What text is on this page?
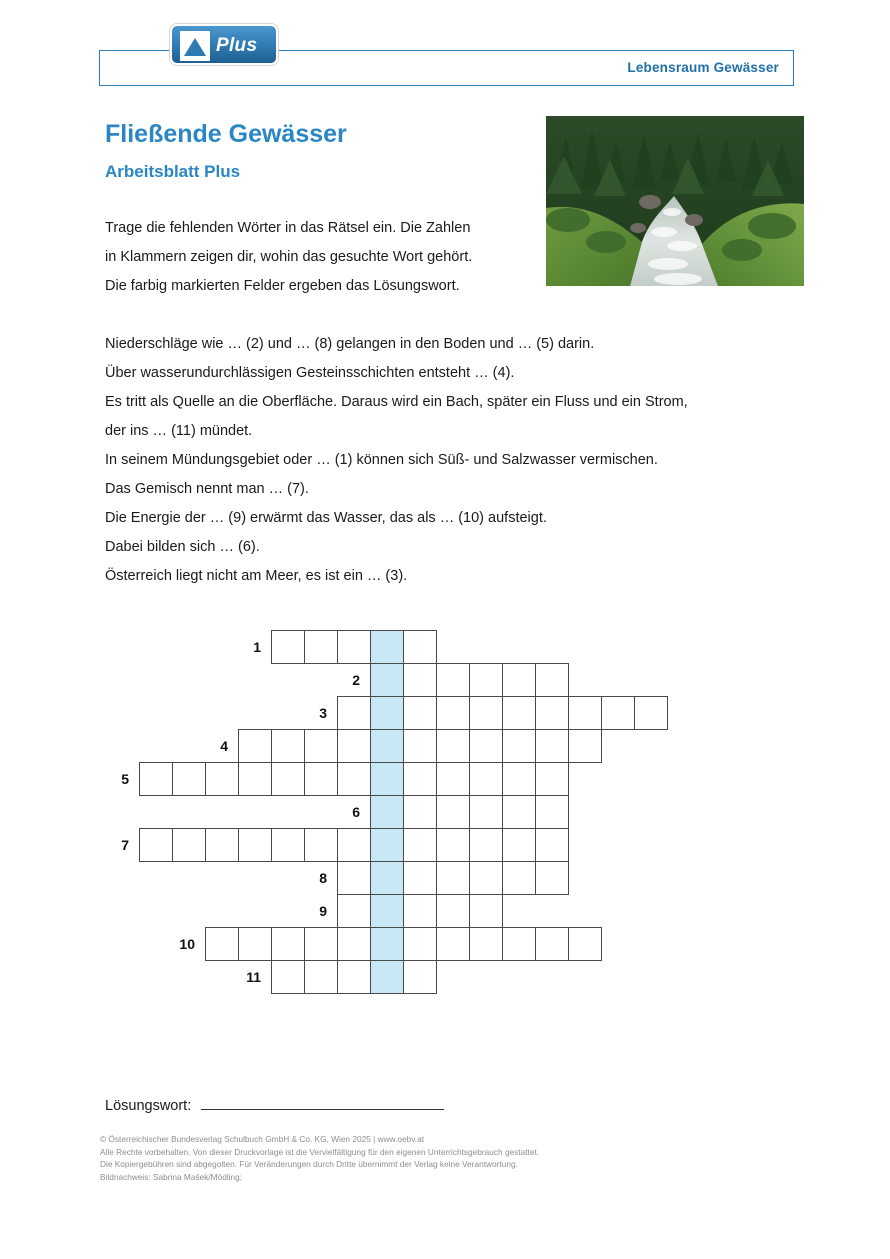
Lebensraum Gewässer
Plus
Fließende Gewässer
Arbeitsblatt Plus
Trage die fehlenden Wörter in das Rätsel ein. Die Zahlen
in Klammern zeigen dir, wohin das gesuchte Wort gehört.
Die farbig markierten Felder ergeben das Lösungswort.

Niederschläge wie … (2) und … (8) gelangen in den Boden und … (5) darin.

Über wasserundurchlässigen Gesteinsschichten entsteht … (4).

Es tritt als Quelle an die Oberfläche. Daraus wird ein Bach, später ein Fluss und ein Strom,

der ins … (11) mündet.

In seinem Mündungsgebiet oder … (1) können sich Süß- und Salzwasser vermischen.

Das Gemisch nennt man … (7).

Die Energie der … (9) erwärmt das Wasser, das als … (10) aufsteigt.

Dabei bilden sich … (6).

Österreich liegt nicht am Meer, es ist ein … (3).

1
2
3
4
5
6
7
8
9
10
11
Lösungswort:

© Österreichischer Bundesverlag Schulbuch GmbH & Co. KG, Wien 2025 | www.oebv.at

Alle Rechte vorbehalten. Von dieser Druckvorlage ist die Vervielfältigung für den eigenen Unterrichtsgebrauch gestattet.

Die Kopiergebühren sind abgegolten. Für Veränderungen durch Dritte übernimmt der Verlag keine Verantwortung.

Bildnachweis: Sabrina Mašek/Mödling;
